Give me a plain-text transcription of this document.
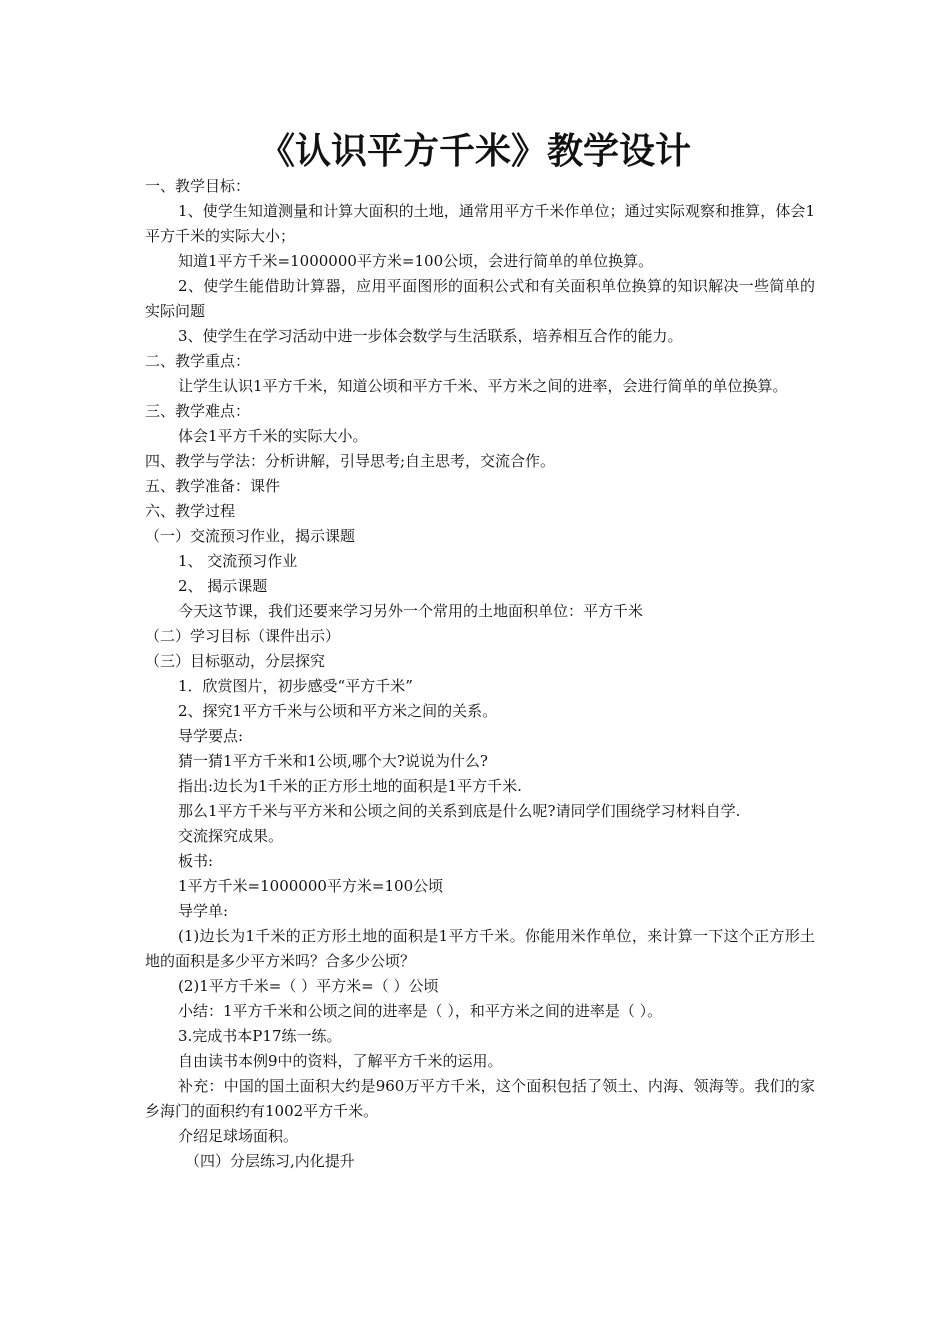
《认识平方千米》教学设计

一、教学目标：

1、使学生知道测量和计算大面积的土地，通常用平方千米作单位；通过实际观察和推算，体会1平方千米的实际大小；

知道1平方千米=1000000平方米=100公顷，会进行简单的单位换算。

2、使学生能借助计算器，应用平面图形的面积公式和有关面积单位换算的知识解决一些简单的实际问题

3、使学生在学习活动中进一步体会数学与生活联系，培养相互合作的能力。

二、教学重点：

让学生认识1平方千米，知道公顷和平方千米、平方米之间的进率，会进行简单的单位换算。

三、教学难点：

体会1平方千米的实际大小。

四、教学与学法：分析讲解，引导思考;自主思考，交流合作。

五、教学准备：课件

六、教学过程

（一）交流预习作业，揭示课题

1、 交流预习作业

2、 揭示课题

今天这节课，我们还要来学习另外一个常用的土地面积单位：平方千米

（二）学习目标（课件出示）

（三）目标驱动，分层探究

1．欣赏图片，初步感受“平方千米”

2、探究1平方千米与公顷和平方米之间的关系。

导学要点:

猜一猜1平方千米和1公顷,哪个大?说说为什么?

指出:边长为1千米的正方形土地的面积是1平方千米.

那么1平方千米与平方米和公顷之间的关系到底是什么呢?请同学们围绕学习材料自学.

交流探究成果。

板书:

1平方千米=1000000平方米=100公顷

导学单:

(1)边长为1千米的正方形土地的面积是1平方千米。你能用米作单位，来计算一下这个正方形土地的面积是多少平方米吗？合多少公顷？

(2)1平方千米=（ ）平方米=（ ）公顷

小结：1平方千米和公顷之间的进率是（ ），和平方米之间的进率是（ ）。

3.完成书本P17练一练。

自由读书本例9中的资料，了解平方千米的运用。

补充：中国的国土面积大约是960万平方千米，这个面积包括了领土、内海、领海等。我们的家乡海门的面积约有1002平方千米。

介绍足球场面积。

（四）分层练习,内化提升
